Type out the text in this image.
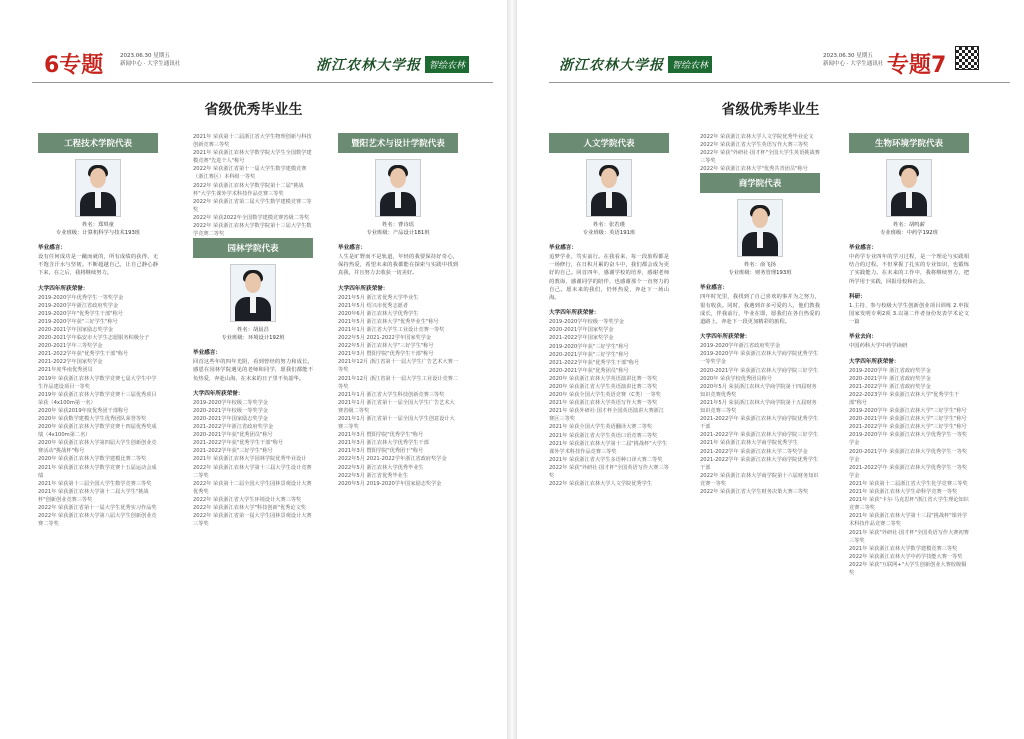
6专题	2023.06.30 星期五
新闻中心 · 大学生通讯社	浙江农林大学报 智绘农林
省级优秀毕业生
工程技术学院代表
姓名：郑琪童
专业班级：计算机科学与技术193班
毕业感言：

设有任何成功是一蹴而就的，所有成绩的获得，无不饱含汗水与坚韧。不断超越自己，让自己静心静下来，在之后，我将继续努力。

大学四年所获荣誉：

2019-2020学年优秀学生一等奖学金

2019-2020学年浙江省政府奖学金

2019-2020学年"优秀学生干部"称号

2019-2020学年获"三好学生"称号

2020-2021学年国家励志奖学金

2020-2021学年临安市大学生志愿服务积极分子

2020-2021学年三等奖学金

2021-2022学年获"优秀学生干部"称号

2021-2022学年国家奖学金

2021年度华南优秀团员

2019年 荣获浙江农林大学数学竞赛七届大学生中学生作品建设项目一等奖

2019年 荣获浙江农林大学数学竞赛十三届优秀项目荣获（4x100m第一名）

2020年 荣获2019年度优秀团干部称号

2020年 荣获数学建模大学生优秀团队荣誉等奖

2020年 荣获浙江农林大学数学竞赛十四届优秀奖成绩（4x100m第二名）

2020年 荣获浙江农林大学第四届大学生创新创业竞赛活动"挑战杯"称号

2020年 荣获浙江农林大学数学建模比赛二等奖

2021年 荣获浙江农林大学数学竞赛十五届运动会成绩

2021年 荣获第十三届全国大学生数学竞赛三等奖

2021年 荣获浙江农林大学第十二届大学生"挑战杯"创新创业竞赛三等奖

2022年 荣获浙江省第十一届大学生优秀实习作品奖

2022年 荣获浙江农林大学第八届大学生创新创业竞赛二等奖

2021年 荣获第十二届浙江省大学生物理创新与科技创新竞赛三等奖

2021年 荣获浙江农林大学数学院大学生全国数学建模竞赛"先进个人"称号

2022年 荣获浙江省第十一届大学生数学建模竞赛（浙江赛区）本科组一等奖

2022年 荣获浙江农林大学数学院第十二届"挑战杯"大学生课外学术科技作品竞赛三等奖

2022年 荣获浙江省第二届大学生数学建模竞赛二等奖

2022年 荣获2022年全国数学建模竞赛省级二等奖

2022年 荣获浙江农林大学数学院第十三届大学生数学竞赛二等奖

园林学院代表
姓名：胡晨昌
专业班级：环境设计192班
毕业感言：

回首这些年的四年光阴，看到曾经的努力和成长，感恩在园林学院遇见的老师和同学，愿我们都能不负热爱，奔赴山海，在未来的日子里不负韶华。

大学四年所获荣誉：

2019-2020学年校级二等奖学金

2020-2021学年校级一等奖学金

2020-2021学年国家励志奖学金

2021-2022学年浙江省政府奖学金

2020-2021学年获"优秀团员"称号

2021-2022学年获"优秀学生干部"称号

2021-2022学年获"三好学生"称号

2021年 荣获浙江农林大学园林学院优秀毕业设计

2022年 荣获浙江农林大学第十三届大学生设计竞赛二等奖

2022年 荣获第十二届全国大学生园林景观设计大赛优秀奖

2022年 荣获浙江省大学生环境设计大赛三等奖

2022年 荣获浙江农林大学"科技创新"优秀论文奖

2022年 荣获浙江省第一届大学生园林景观设计大赛三等奖

暨阳艺术与设计学院代表
姓名：曹诗瑶
专业班级：产品设计181班
毕业感言：

人生是旷野而不是轨道，年轻的我要保持好奇心，保持热爱，希望未来的我都能在探索与实践中找到真我，并且努力去收获一切美好。

大学四年所获荣誉：

2021年5月 浙江省优秀大学毕业生

2021年5月 绍兴市优秀志愿者

2020年6月 浙江农林大学优秀学生

2021年5月 浙江农林大学"优秀毕业生"称号

2021年1月 浙江省大学生工业设计竞赛一等奖

2022年5月 2021-2022学年国家奖学金

2022年5月 浙江农林大学"三好学生"称号

2021年3月 暨阳学院"优秀学生干部"称号

2021年12月 浙江省第十一届大学生广告艺术大赛一等奖

2021年12月 浙江省第十一届大学生工业设计竞赛二等奖

2021年1月 浙江省大学生科技创新竞赛三等奖

2021年1月 浙江省第十一届全国大学生广告艺术大赛省级二等奖

2021年1月 浙江省第十一届全国大学生创意设计大赛三等奖

2021年3月 暨阳学院"优秀学生"称号

2021年3月 浙江农林大学优秀学生干部

2021年3月 暨阳学院"优秀团干"称号

2022年5月 2021-2022学年浙江省政府奖学金

2022年5月 浙江农林大学优秀毕业生

2022年5月 浙江省优秀毕业生

2020年5月 2019-2020学年国家励志奖学金

浙江农林大学报 智绘农林
2023.06.30 星期五
新闻中心 · 大学生通讯社 专题7
省级优秀毕业生
人文学院代表
姓名：张若瑾
专业班级：英语191班
毕业感言：

追梦学业，笃实前行。在我看来，每一段旅程都是一场修行，在日积月累的奋斗中，我们都会成为更好的自己。回首四年，感谢学校的培养，感谢老师的教诲，感谢同学的陪伴，也感谢那个一直努力的自己。愿未来的我们，仍怀热爱，奔赴下一场山海。

大学四年所获荣誉：

2019-2020学年校级一等奖学金

2020-2021学年国家奖学金

2021-2022学年国家奖学金

2019-2020学年获"三好学生"称号

2020-2021学年获"三好学生"称号

2021-2022学年获"优秀学生干部"称号

2020-2021学年获"优秀团员"称号

2020年 荣获浙江农林大学英语演讲比赛一等奖

2020年 荣获浙江省大学生英语演讲比赛二等奖

2020年 荣获全国大学生英语竞赛（C类）一等奖

2021年 荣获浙江农林大学英语写作大赛一等奖

2021年 荣获外研社·国才杯全国英语演讲大赛浙江赛区三等奖

2021年 荣获全国大学生英语翻译大赛二等奖

2021年 荣获浙江省大学生英语口语竞赛三等奖

2021年 荣获浙江农林大学第十二届"挑战杯"大学生课外学术科技作品竞赛三等奖

2021年 荣获浙江省大学生多语种口译大赛二等奖

2022年 荣获"外研社·国才杯"全国英语写作大赛三等奖

2022年 荣获浙江农林大学人文学院优秀学生

2022年 荣获浙江农林大学人文学院优秀毕业论文

2022年 荣获浙江省大学生英语写作大赛三等奖

2022年 荣获"外研社·国才杯"全国大学生英语挑战赛三等奖

2022年 荣获浙江农林大学"优秀共青团员"称号

商学院代表
姓名：俞飞扬
专业班级：财务管理193班
毕业感言：

四年时光里，我找到了自己喜欢的事并为之努力，很有收获。同时，我遇到许多可爱的人，他们教我成长，伴我前行，毕业在即，愿我们在各自热爱的道路上，奔赴下一段更加精彩的旅程。

大学四年所获荣誉：

2019-2020学年浙江省政府奖学金

2019-2020学年 荣获浙江农林大学商学院优秀学生一等奖学金

2020-2021学年 荣获浙江农林大学商学院三好学生

2020年 荣获学校优秀团员称号

2020年5月 荣获浙江农林大学商学院第十四届财务知识竞赛优秀奖

2021年5月 荣获浙江农林大学商学院第十五届财务知识竞赛三等奖

2021-2022学年 荣获浙江农林大学商学院优秀学生干部

2021-2022学年 荣获浙江农林大学商学院三好学生

2021年 荣获浙江农林大学商学院优秀学生

2021-2022学年 荣获浙江农林大学二等奖学金

2021-2022学年 荣获浙江农林大学商学院优秀学生干部

2022年 荣获浙江农林大学商学院第十六届财务知识竞赛一等奖

2022年 荣获浙江省大学生财务决策大赛三等奖

生物环境学院代表
姓名：胡鸣薪
专业班级：中药学192班
毕业感言：

中药学专业四年的学习过程，是一个理论与实践相结合的过程。不但掌握了扎实的专业知识，也锻炼了实践能力。在未来的工作中，我将继续努力，把所学用于实践，回报母校和社会。

科研：

1.主持、参与校级大学生创新创业项目训练 2.申报国家发明专利2项 3.以第二作者身份发表学术论文一篇

毕业去向：

中国药科大学中药学读研

大学四年所获荣誉：

2019-2020学年 浙江省政府奖学金

2020-2021学年 浙江省政府奖学金

2021-2022学年 浙江省政府奖学金

2022-2023学年 荣获浙江农林大学"优秀学生干部"称号

2019-2020学年 荣获浙江农林大学"三好学生"称号

2020-2021学年 荣获浙江农林大学"三好学生"称号

2021-2022学年 荣获浙江农林大学"三好学生"称号

2019-2020学年 荣获浙江农林大学优秀学生一等奖学金

2020-2021学年 荣获浙江农林大学优秀学生一等奖学金

2021-2022学年 荣获浙江农林大学优秀学生一等奖学金

2021年 荣获第十二届浙江省大学生化学竞赛三等奖

2021年 荣获浙江农林大学生命科学竞赛一等奖

2021年 荣获"卡尔·马克思杯"浙江省大学生理论知识竞赛三等奖

2021年 荣获浙江农林大学第十三届"挑战杯"课外学术科技作品竞赛二等奖

2021年 荣获"外研社·国才杯"全国英语写作大赛初赛三等奖

2021年 荣获浙江农林大学数学建模竞赛三等奖

2022年 荣获浙江农林大学中药学技能大赛一等奖

2022年 荣获"互联网+"大学生创新创业大赛校级铜奖
